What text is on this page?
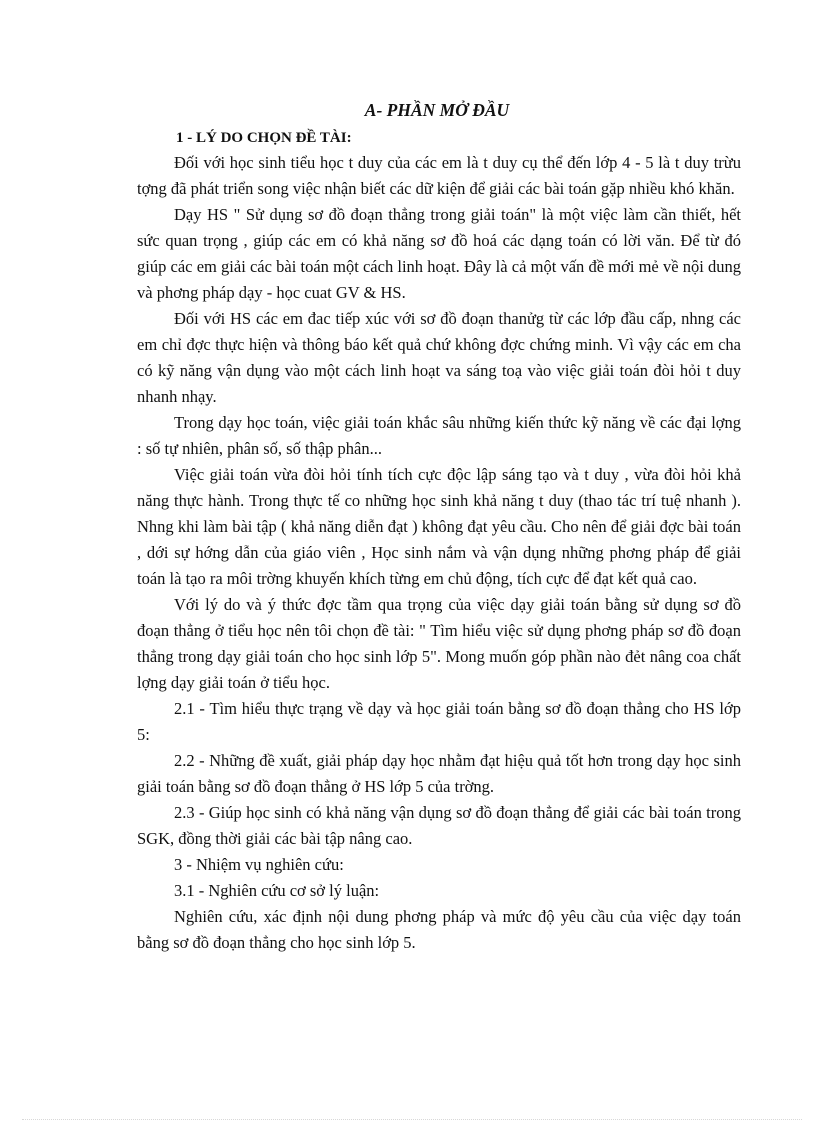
A- PHẦN MỞ ĐẦU
1 - LÝ DO CHỌN ĐỀ TÀI:

Đối với học sinh tiểu học t duy của các em là t duy cụ thể đến lớp 4 - 5 là t duy trừu tợng đã phát triển song việc nhận biết các dữ kiện để giải các bài toán gặp nhiều khó khăn.

Dạy HS " Sử dụng sơ đồ đoạn thẳng trong giải toán" là một việc làm cần thiết, hết sức quan trọng , giúp các em có khả năng sơ đồ hoá các dạng toán có lời văn. Để từ đó giúp các em giải các bài toán một cách linh hoạt. Đây là cả một vấn đề mới mẻ về nội dung và phơng pháp dạy - học cuat GV & HS.

Đối với HS các em đac tiếp xúc với sơ đồ đoạn thanửg từ các lớp đầu cấp, nhng các em chỉ đợc thực hiện và thông báo kết quả chứ không đợc chứng minh. Vì vậy các em cha có kỹ năng vận dụng vào một cách linh hoạt va sáng toạ vào việc giải toán đòi hỏi t duy nhanh nhạy.

Trong dạy học toán, việc giải toán khắc sâu những kiến thức kỹ năng về các đại lợng : số tự nhiên, phân số, số thập phân...

Việc giải toán vừa đòi hỏi tính tích cực độc lập sáng tạo và t duy , vừa đòi hỏi khả năng thực hành. Trong thực tế co những học sinh khả năng t duy (thao tác trí tuệ nhanh ). Nhng khi làm bài tập ( khả năng diễn đạt ) không đạt yêu cầu. Cho nên để giải đợc bài toán , dới sự hớng dẫn của giáo viên , Học sinh nắm và vận dụng những phơng pháp để giải toán là tạo ra môi trờng khuyến khích từng em chủ động, tích cực để đạt kết quả cao.

Với lý do và ý thức đợc tầm qua trọng của việc dạy giải toán bằng sử dụng sơ đồ đoạn thẳng ở tiểu học nên tôi chọn đề tài: " Tìm hiểu việc sử dụng phơng pháp sơ đồ đoạn thẳng trong dạy giải toán cho học sinh lớp 5". Mong muốn góp phần nào đẻt nâng coa chất lợng dạy giải toán ở tiểu học.

2.1 - Tìm hiểu thực trạng về dạy và học giải toán bằng sơ đồ đoạn thẳng cho HS lớp 5:

2.2 - Những đề xuất, giải pháp dạy học nhằm đạt hiệu quả tốt hơn trong dạy học sinh giải toán bằng sơ đồ đoạn thẳng ở HS lớp 5 của trờng.

2.3 - Giúp học sinh có khả năng vận dụng sơ đồ đoạn thẳng để giải các bài toán trong SGK, đồng thời giải các bài tập nâng cao.

3 - Nhiệm vụ nghiên cứu:

3.1 - Nghiên cứu cơ sở lý luận:

Nghiên cứu, xác định nội dung phơng pháp và mức độ yêu cầu của việc dạy toán bằng sơ đồ đoạn thẳng cho học sinh lớp 5.
